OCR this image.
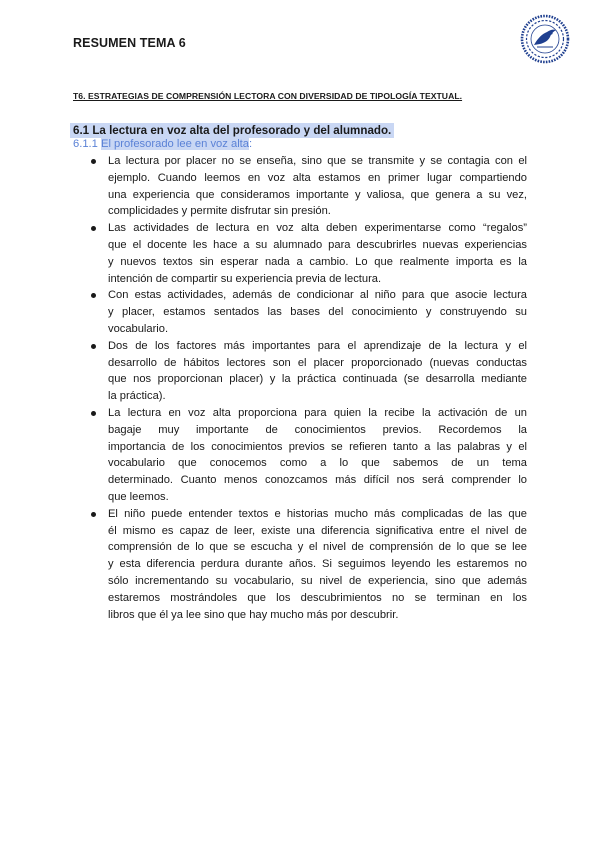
RESUMEN TEMA 6
T6. ESTRATEGIAS DE COMPRENSIÓN LECTORA CON DIVERSIDAD DE TIPOLOGÍA TEXTUAL.
6.1 La lectura en voz alta del profesorado y del alumnado.
6.1.1 El profesorado lee en voz alta:
La lectura por placer no se enseña, sino que se transmite y se contagia con el
ejemplo. Cuando leemos en voz alta estamos en primer lugar compartiendo
una experiencia que consideramos importante y valiosa, que genera a su vez,
complicidades y permite disfrutar sin presión.
Las actividades de lectura en voz alta deben experimentarse como “regalos”
que el docente les hace a su alumnado para descubrirles nuevas experiencias
y nuevos textos sin esperar nada a cambio. Lo que realmente importa es la
intención de compartir su experiencia previa de lectura.
Con estas actividades, además de condicionar al niño para que asocie lectura
y placer, estamos sentados las bases del conocimiento y construyendo su
vocabulario.
Dos de los factores más importantes para el aprendizaje de la lectura y el
desarrollo de hábitos lectores son el placer proporcionado (nuevas conductas
que nos proporcionan placer) y la práctica continuada (se desarrolla mediante
la práctica).
La lectura en voz alta proporciona para quien la recibe la activación de un
bagaje muy importante de conocimientos previos. Recordemos la
importancia de los conocimientos previos se refieren tanto a las palabras y el
vocabulario que conocemos como a lo que sabemos de un tema
determinado. Cuanto menos conozcamos más difícil nos será comprender lo
que leemos.
El niño puede entender textos e historias mucho más complicadas de las que
él mismo es capaz de leer, existe una diferencia significativa entre el nivel de
comprensión de lo que se escucha y el nivel de comprensión de lo que se lee
y esta diferencia perdura durante años. Si seguimos leyendo les estaremos no
sólo incrementando su vocabulario, su nivel de experiencia, sino que además
estaremos mostrándoles que los descubrimientos no se terminan en los
libros que él ya lee sino que hay mucho más por descubrir.
